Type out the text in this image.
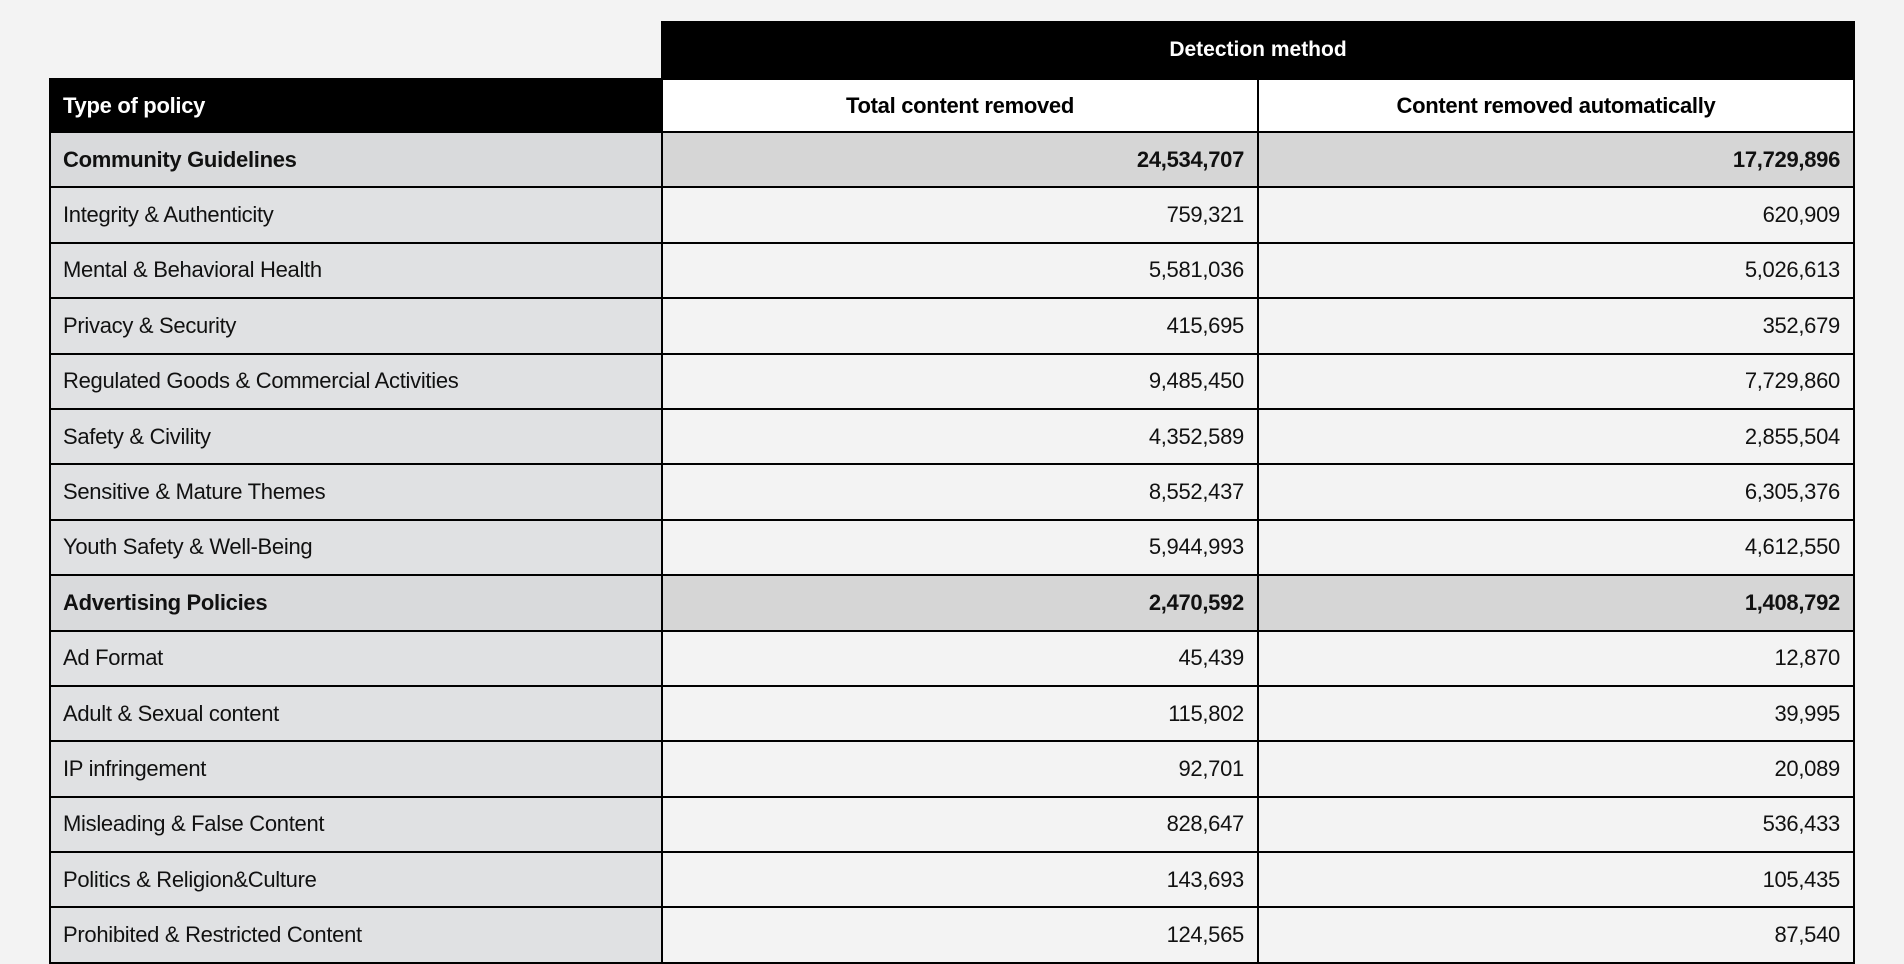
Detection method
Type of policy	Total content removed	Content removed automatically
Community Guidelines	24,534,707	17,729,896
Integrity & Authenticity	759,321	620,909
Mental & Behavioral Health	5,581,036	5,026,613
Privacy & Security	415,695	352,679
Regulated Goods & Commercial Activities	9,485,450	7,729,860
Safety & Civility	4,352,589	2,855,504
Sensitive & Mature Themes	8,552,437	6,305,376
Youth Safety & Well-Being	5,944,993	4,612,550
Advertising Policies	2,470,592	1,408,792
Ad Format	45,439	12,870
Adult & Sexual content	115,802	39,995
IP infringement	92,701	20,089
Misleading & False Content	828,647	536,433
Politics & Religion&Culture	143,693	105,435
Prohibited & Restricted Content	124,565	87,540
